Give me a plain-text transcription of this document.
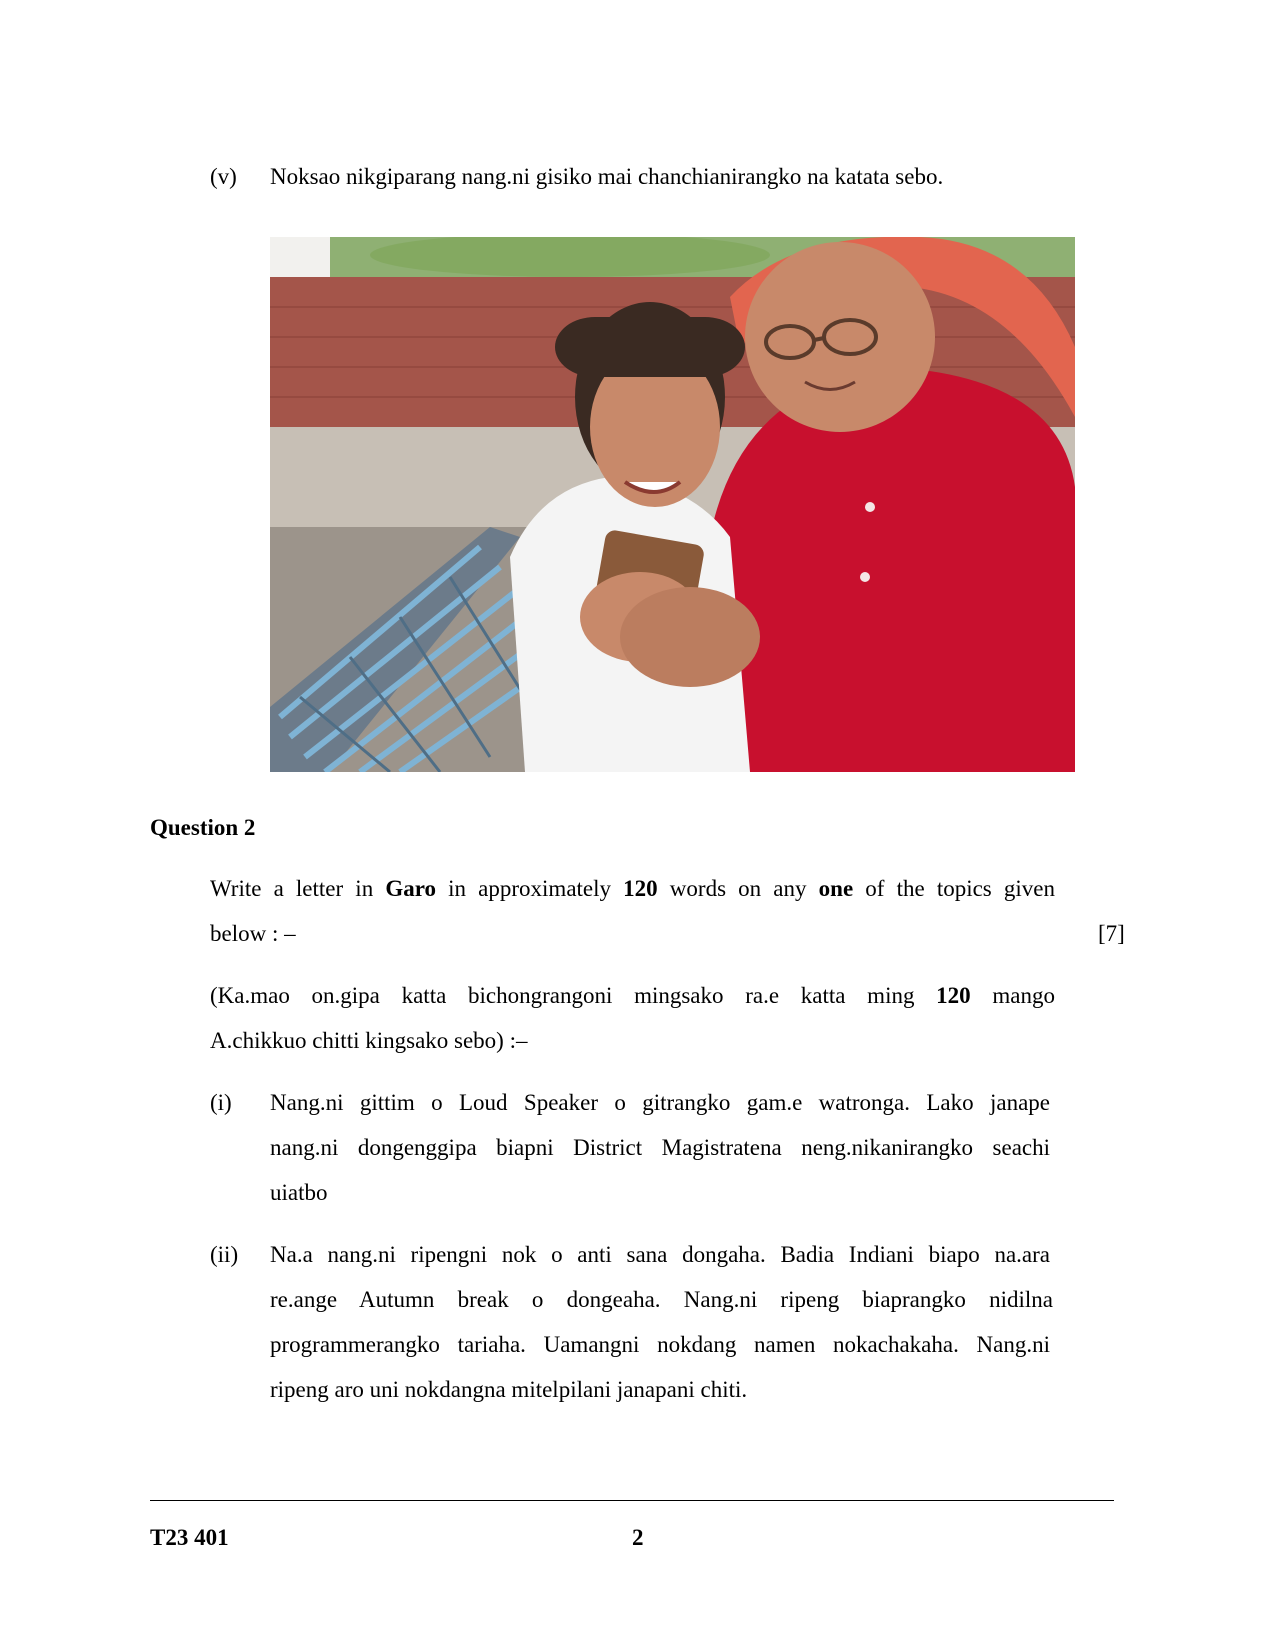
(v) Noksao nikgiparang nang.ni gisiko mai chanchianirangko na katata sebo.
Question 2
Write a letter in Garo in approximately 120 words on any one of the topics given
below : –	[7]
(Ka.mao on.gipa katta bichongrangoni mingsako ra.e katta ming 120 mango
A.chikkuo chitti kingsako sebo) :–
(i) Nang.ni gittim o Loud Speaker o gitrangko gam.e watronga. Lako janape
nang.ni dongenggipa biapni District Magistratena neng.nikanirangko seachi
uiatbo
(ii) Na.a nang.ni ripengni nok o anti sana dongaha. Badia Indiani biapo na.ara
re.ange Autumn break o dongeaha. Nang.ni ripeng biaprangko nidilna
programmerangko tariaha. Uamangni nokdang namen nokachakaha. Nang.ni
ripeng aro uni nokdangna mitelpilani janapani chiti.
T23 401	2
